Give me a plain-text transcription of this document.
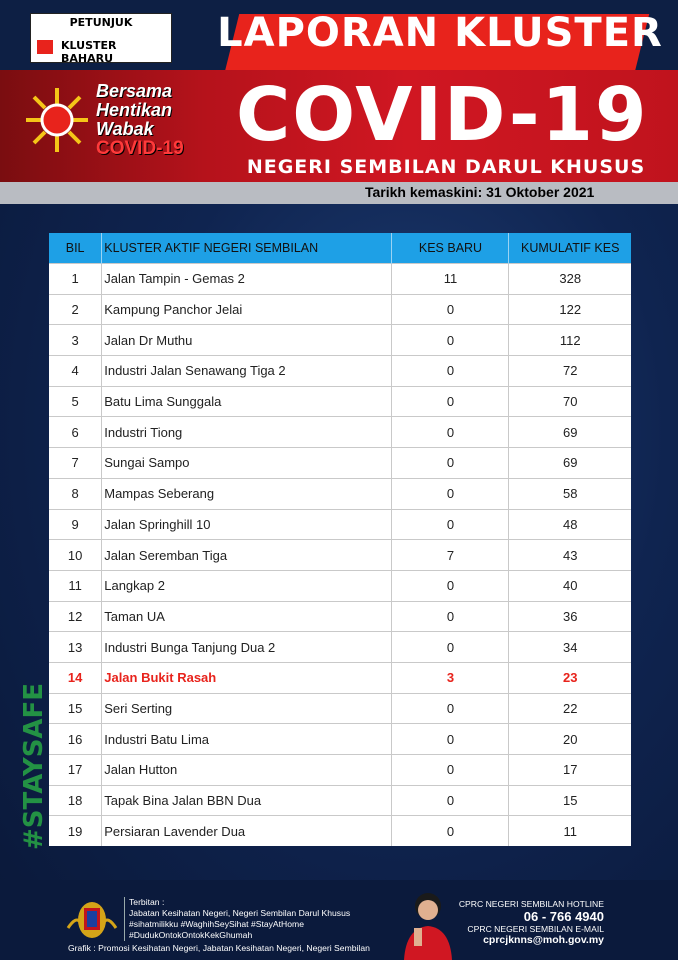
PETUNJUK
KLUSTER BAHARU
LAPORAN KLUSTER
Bersama
Hentikan
Wabak
COVID-19 COVID-19
NEGERI SEMBILAN DARUL KHUSUS
Tarikh kemaskini: 31 Oktober 2021
#STAYSAFE
BIL	KLUSTER AKTIF NEGERI SEMBILAN	KES BARU	KUMULATIF KES
1	Jalan Tampin - Gemas 2	11	328
2	Kampung Panchor Jelai	0	122
3	Jalan Dr Muthu	0	112
4	Industri Jalan Senawang Tiga 2	0	72
5	Batu Lima Sunggala	0	70
6	Industri Tiong	0	69
7	Sungai Sampo	0	69
8	Mampas Seberang	0	58
9	Jalan Springhill 10	0	48
10	Jalan Seremban Tiga	7	43
11	Langkap 2	0	40
12	Taman UA	0	36
13	Industri Bunga Tanjung Dua 2	0	34
14	Jalan Bukit Rasah	3	23
15	Seri Serting	0	22
16	Industri Batu Lima	0	20
17	Jalan Hutton	0	17
18	Tapak Bina Jalan BBN Dua	0	15
19	Persiaran Lavender Dua	0	11
Terbitan :
Jabatan Kesihatan Negeri, Negeri Sembilan Darul Khusus
#sihatmilikku #WaghihSeySihat #StayAtHome
#DudukOntokOntokKekGhumah
Grafik : Promosi Kesihatan Negeri, Jabatan Kesihatan Negeri, Negeri Sembilan
CPRC NEGERI SEMBILAN HOTLINE
06 - 766 4940
CPRC NEGERI SEMBILAN E-MAIL
cprcjknns@moh.gov.my
